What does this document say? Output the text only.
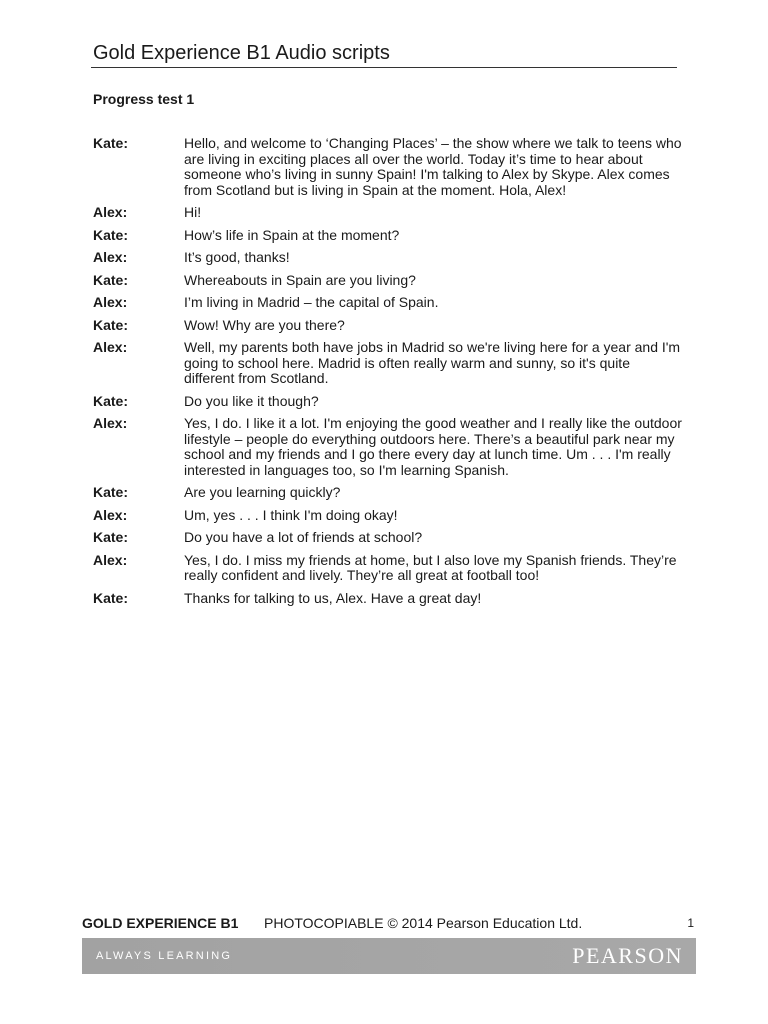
Gold Experience B1 Audio scripts
Progress test 1
Kate:	Hello, and welcome to ‘Changing Places’ – the show where we talk to teens who are living in exciting places all over the world. Today it’s time to hear about someone who’s living in sunny Spain! I'm talking to Alex by Skype. Alex comes from Scotland but is living in Spain at the moment. Hola, Alex!
Alex:	Hi!
Kate:	How’s life in Spain at the moment?
Alex:	It’s good, thanks!
Kate:	Whereabouts in Spain are you living?
Alex:	I’m living in Madrid – the capital of Spain.
Kate:	Wow! Why are you there?
Alex:	Well, my parents both have jobs in Madrid so we're living here for a year and I'm going to school here. Madrid is often really warm and sunny, so it's quite different from Scotland.
Kate:	Do you like it though?
Alex:	Yes, I do. I like it a lot. I'm enjoying the good weather and I really like the outdoor lifestyle – people do everything outdoors here. There’s a beautiful park near my school and my friends and I go there every day at lunch time. Um . . . I'm really interested in languages too, so I'm learning Spanish.
Kate:	Are you learning quickly?
Alex:	Um, yes . . . I think I'm doing okay!
Kate:	Do you have a lot of friends at school?
Alex:	Yes, I do. I miss my friends at home, but I also love my Spanish friends. They’re really confident and lively. They’re all great at football too!
Kate:	Thanks for talking to us, Alex. Have a great day!
GOLD EXPERIENCE B1 PHOTOCOPIABLE © 2014 Pearson Education Ltd.	1
ALWAYS LEARNING	PEARSON
